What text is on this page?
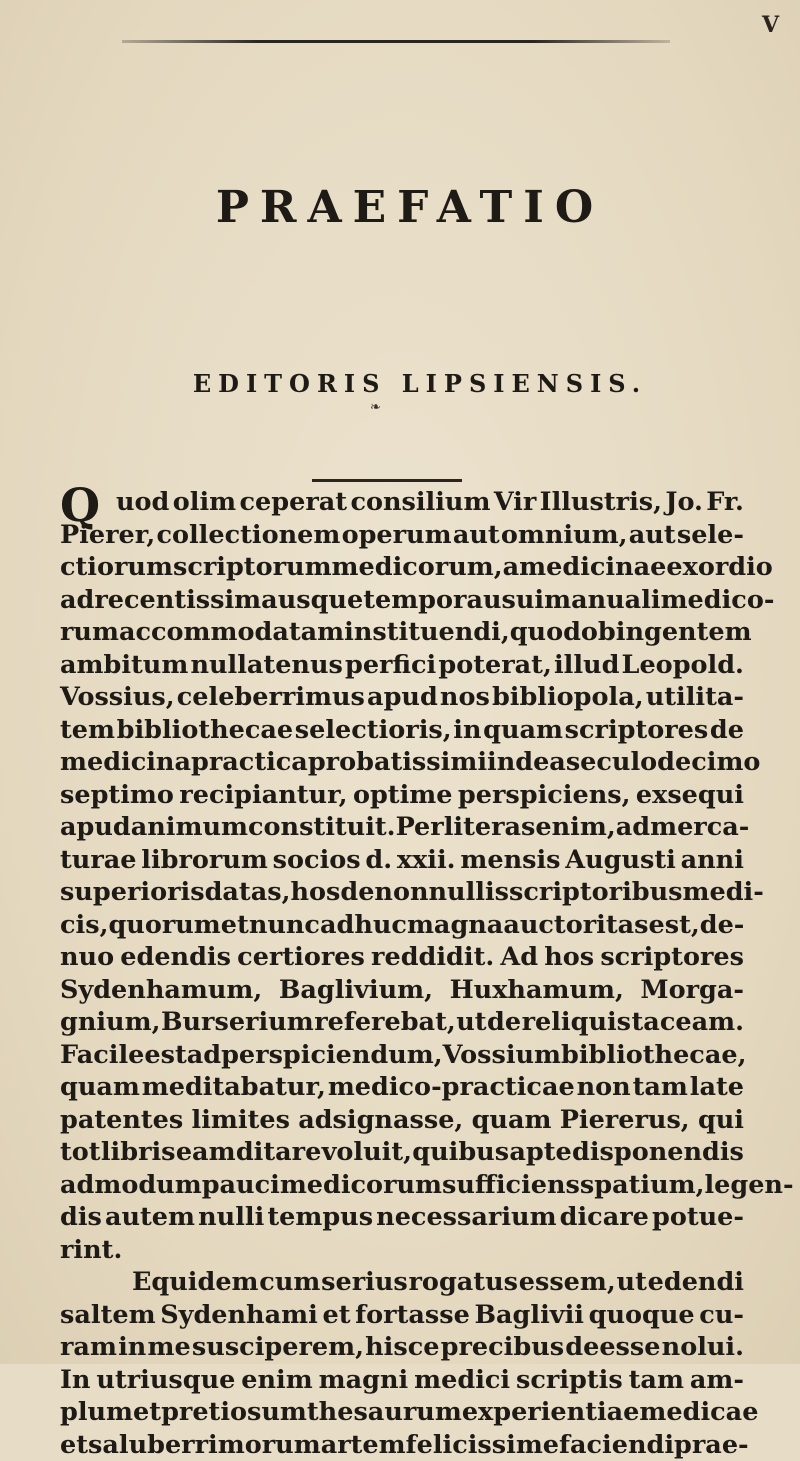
V
PRAEFATIO
EDITORIS LIPSIENSIS.
❧
Q uod olim ceperat consilium Vir Illustris, Jo. Fr.
Pierer, collectionem operum aut omnium, aut sele-
ctiorum scriptorum medicorum, a medicinae exordio
ad recentissima usque tempora usui manuali medico-
rum accommodatam instituendi, quod ob ingentem
ambitum nullatenus perfici poterat, illud Leopold.
Vossius, celeberrimus apud nos bibliopola, utilita-
tem bibliothecae selectioris, in quam scriptores de
medicina practica probatissimi inde a seculo decimo
septimo recipiantur, optime perspiciens, exsequi
apud animum constituit. Per literas enim, ad merca-
turae librorum socios d. xxii. mensis Augusti anni
superioris datas, hos de nonnullis scriptoribus medi-
cis, quorum et nunc adhuc magna auctoritas est, de-
nuo edendis certiores reddidit. Ad hos scriptores
Sydenhamum, Baglivium, Huxhamum, Morga-
gnium, Burserium referebat, ut de reliquis taceam.
Facile est ad perspiciendum, Vossium bibliothecae,
quam meditabatur, medico-practicae non tam late
patentes limites adsignasse, quam Piererus, qui
tot libris eam ditare voluit, quibus apte disponendis
admodum pauci medicorum sufficiens spatium, legen-
dis autem nulli tempus necessarium dicare potue-
rint.
Equidem cum serius rogatus essem, ut edendi
saltem Sydenhami et fortasse Baglivii quoque cu-
ram in me susciperem, hisce precibus deesse nolui.
In utriusque enim magni medici scriptis tam am-
plum et pretiosum thesaurum experientiae medicae
et saluberrimorum artem felicissime faciendi prae-
